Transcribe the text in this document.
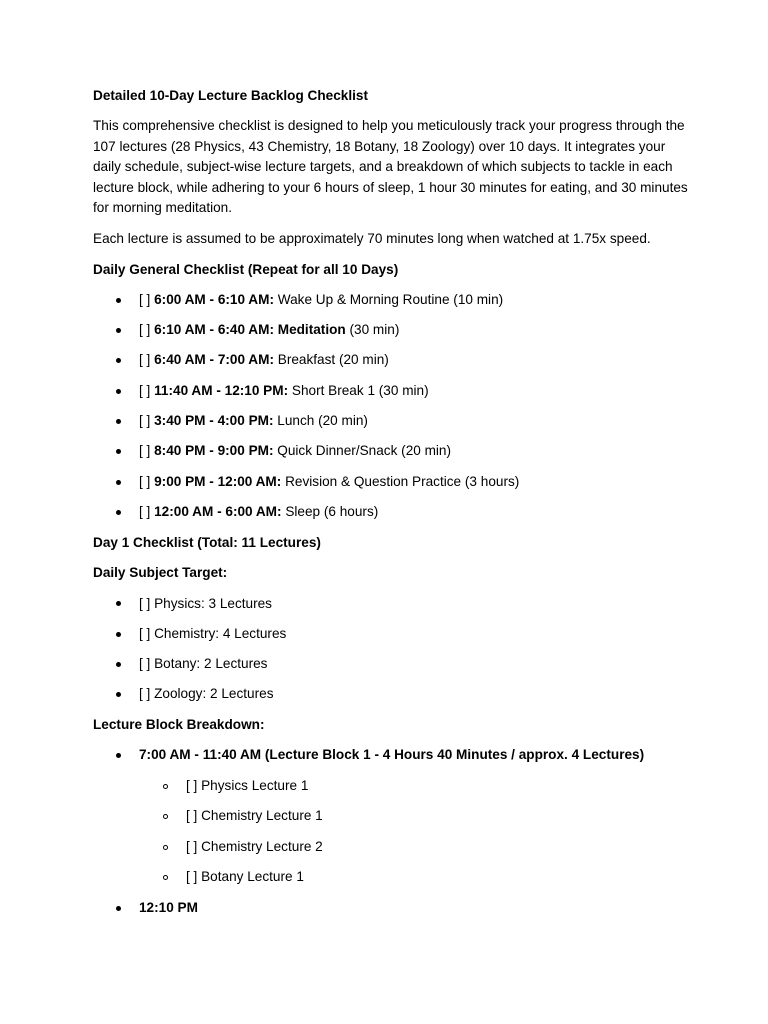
Detailed 10-Day Lecture Backlog Checklist
This comprehensive checklist is designed to help you meticulously track your progress through the 107 lectures (28 Physics, 43 Chemistry, 18 Botany, 18 Zoology) over 10 days. It integrates your daily schedule, subject-wise lecture targets, and a breakdown of which subjects to tackle in each lecture block, while adhering to your 6 hours of sleep, 1 hour 30 minutes for eating, and 30 minutes for morning meditation.
Each lecture is assumed to be approximately 70 minutes long when watched at 1.75x speed.
Daily General Checklist (Repeat for all 10 Days)
[ ] 6:00 AM - 6:10 AM: Wake Up & Morning Routine (10 min)
[ ] 6:10 AM - 6:40 AM: Meditation (30 min)
[ ] 6:40 AM - 7:00 AM: Breakfast (20 min)
[ ] 11:40 AM - 12:10 PM: Short Break 1 (30 min)
[ ] 3:40 PM - 4:00 PM: Lunch (20 min)
[ ] 8:40 PM - 9:00 PM: Quick Dinner/Snack (20 min)
[ ] 9:00 PM - 12:00 AM: Revision & Question Practice (3 hours)
[ ] 12:00 AM - 6:00 AM: Sleep (6 hours)
Day 1 Checklist (Total: 11 Lectures)
Daily Subject Target:
[ ] Physics: 3 Lectures
[ ] Chemistry: 4 Lectures
[ ] Botany: 2 Lectures
[ ] Zoology: 2 Lectures
Lecture Block Breakdown:
7:00 AM - 11:40 AM (Lecture Block 1 - 4 Hours 40 Minutes / approx. 4 Lectures)
[ ] Physics Lecture 1
[ ] Chemistry Lecture 1
[ ] Chemistry Lecture 2
[ ] Botany Lecture 1
12:10 PM
